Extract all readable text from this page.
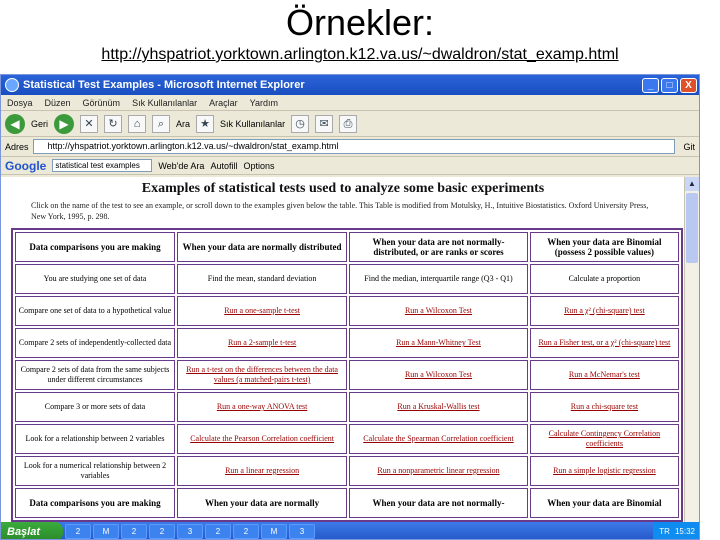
Örnekler:
http://yhspatriot.yorktown.arlington.k12.va.us/~dwaldron/stat_examp.html
Statistical Test Examples - Microsoft Internet Explorer	_	□	X
Dosya Düzen Görünüm Sık Kullanılanlar Araçlar Yardım
◀	Geri ▶	✕	↻	⌂	⌕	Ara ★	Sık Kullanılanlar ◷	✉	⎙
Adres	http://yhspatriot.yorktown.arlington.k12.va.us/~dwaldron/stat_examp.html	Git
Google	statistical test examples	Web'de Ara Autofill Options
Examples of statistical tests used to analyze some basic experiments
Click on the name of the test to see an example, or scroll down to the examples given below the table. This Table is modified from Motulsky, H., Intuitive Biostatistics. Oxford University Press, New York, 1995, p. 298.
Data comparisons you are making	When your data are normally distributed	When your data are not normally-distributed, or are ranks or scores	When your data are Binomial (possess 2 possible values)
You are studying one set of data	Find the mean, standard deviation	Find the median, interquartile range (Q3 - Q1)	Calculate a proportion
Compare one set of data to a hypothetical value	Run a one-sample t-test	Run a Wilcoxon Test	Run a χ² (chi-square) test
Compare 2 sets of independently-collected data	Run a 2-sample t-test	Run a Mann-Whitney Test	Run a Fisher test, or a χ² (chi-square) test
Compare 2 sets of data from the same subjects under different circumstances	Run a t-test on the differences between the data values (a matched-pairs t-test)	Run a Wilcoxon Test	Run a McNemar's test
Compare 3 or more sets of data	Run a one-way ANOVA test	Run a Kruskal-Wallis test	Run a chi-square test
Look for a relationship between 2 variables	Calculate the Pearson Correlation coefficient	Calculate the Spearman Correlation coefficient	Calculate Contingency Correlation coefficients
Look for a numerical relationship between 2 variables	Run a linear regression	Run a nonparametric linear regression	Run a simple logistic regression
Data comparisons you are making	When your data are normally	When your data are not normally-	When your data are Binomial
▲
Başlat	2	M	2	2	3	2	2	M	3	TR 15:32
